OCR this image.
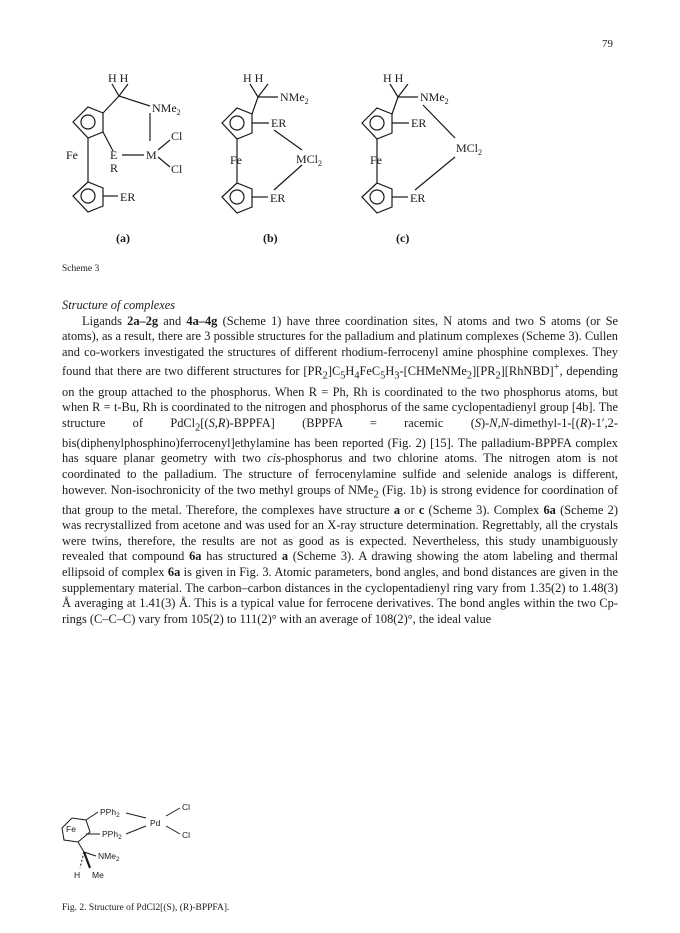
79
H H
NMe$_2$
Cl
Cl
Fe	E M
R
ER
(a)
H H
NMe$_2$
ER
Fe	MCl$_2$
ER
(b)
H H
NMe$_2$
ER
Fe
MCl$_2$
ER
(c)
Scheme 3
Structure of complexes

Ligands 2a–2g and 4a–4g (Scheme 1) have three coordination sites, N atoms and two S atoms (or Se atoms), as a result, there are 3 possible structures for the palladium and platinum complexes (Scheme 3). Cullen and co-workers investigated the structures of different rhodium-ferrocenyl amine phosphine complexes. They found that there are two different structures for $[PR_2]C_5H_4FeC_5H_3-[CHMeNMe_2][PR_2][RhNBD]^+$, depending on the group attached to the phosphorus. When R = Ph, Rh is coordinated to the two phosphorus atoms, but when R = t-Bu, Rh is coordinated to the nitrogen and phosphorus of the same cyclopentadienyl group [4b]. The structure of PdCl$_2$[(S,R)-BPPFA] (BPPFA = racemic (S)-N,N-dimethyl-1-[(R)-1′,2-bis(diphenylphosphino)ferrocenyl]ethylamine has been reported (Fig. 2) [15]. The palladium-BPPFA complex has square planar geometry with two cis-phosphorus and two chlorine atoms. The nitrogen atom is not coordinated to the palladium. The structure of ferrocenylamine sulfide and selenide analogs is different, however. Non-isochronicity of the two methyl groups of NMe$_2$ (Fig. 1b) is strong evidence for coordination of that group to the metal. Therefore, the complexes have structure a or c (Scheme 3). Complex 6a (Scheme 2) was recrystallized from acetone and was used for an X-ray structure determination. Regrettably, all the crystals were twins, therefore, the results are not as good as is expected. Nevertheless, this study unambiguously revealed that compound 6a has structured a (Scheme 3). A drawing showing the atom labeling and thermal ellipsoid of complex 6a is given in Fig. 3. Atomic parameters, bond angles, and bond distances are given in the supplementary material. The carbon–carbon distances in the cyclopentadienyl ring vary from 1.35(2) to 1.48(3) Å averaging at 1.41(3) Å. This is a typical value for ferrocene derivatives. The bond angles within the two Cp-rings (C–C–C) vary from 105(2) to 111(2)° with an average of 108(2)°, the ideal value

PPh$_2$
PPh$_2$
Pd
Cl
Cl
Fe
NMe$_2$
H Me
Fig. 2. Structure of PdCl2[(S), (R)-BPPFA].
